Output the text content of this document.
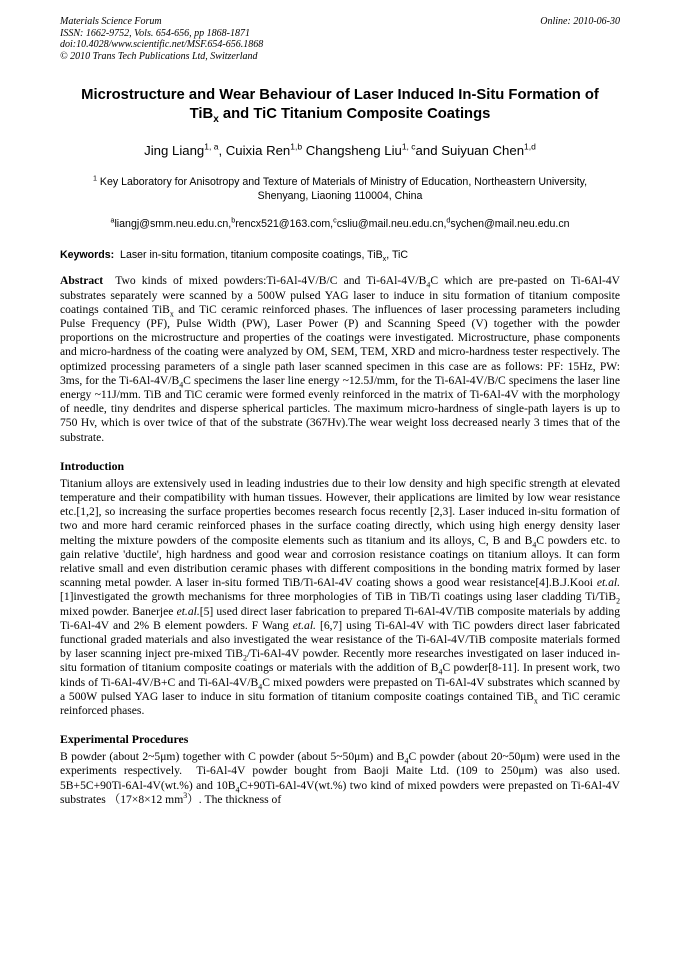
Materials Science Forum
ISSN: 1662-9752, Vols. 654-656, pp 1868-1871
doi:10.4028/www.scientific.net/MSF.654-656.1868
© 2010 Trans Tech Publications Ltd, Switzerland
Online: 2010-06-30
Microstructure and Wear Behaviour of Laser Induced In-Situ Formation of TiB$_x$ and TiC Titanium Composite Coatings
Jing Liang$^{1, a}$, Cuixia Ren$^{1,b}$ Changsheng Liu$^{1, c}$and Suiyuan Chen$^{1,d}$
$^1$ Key Laboratory for Anisotropy and Texture of Materials of Ministry of Education, Northeastern University, Shenyang, Liaoning 110004, China
$^a$liangj@smm.neu.edu.cn,$^b$rencx521@163.com,$^c$csliu@mail.neu.edu.cn,$^d$sychen@mail.neu.edu.cn
Keywords:  Laser in-situ formation, titanium composite coatings, TiB$_x$, TiC

Abstract  Two kinds of mixed powders:Ti-6Al-4V/B/C and $Ti-6Al-4V/B_4C$ which are pre-pasted on Ti-6Al-4V substrates separately were scanned by a 500W pulsed YAG laser to induce in situ formation of titanium composite coatings contained TiB$_x$ and TiC ceramic reinforced phases. The influences of laser processing parameters including Pulse Frequency (PF), Pulse Width (PW), Laser Power (P) and Scanning Speed (V) together with the powder proportions on the microstructure and properties of the coatings were investigated. Microstructure, phase components and micro-hardness of the coating were analyzed by OM, SEM, TEM, XRD and micro-hardness tester respectively. The optimized processing parameters of a single path laser scanned specimen in this case are as follows: PF: 15Hz, PW: 3ms, for the $Ti-6Al-4V/B_4C$ specimens the laser line energy ~12.5J/mm, for the Ti-6Al-4V/B/C specimens the laser line energy ~11J/mm. TiB and TiC ceramic were formed evenly reinforced in the matrix of Ti-6Al-4V with the morphology of needle, tiny dendrites and disperse spherical particles. The maximum micro-hardness of single-path layers is up to 750 Hv, which is over twice of that of the substrate (367Hv).The wear weight loss decreased nearly 3 times that of the substrate.

Introduction

Titanium alloys are extensively used in leading industries due to their low density and high specific strength at elevated temperature and their compatibility with human tissues. However, their applications are limited by low wear resistance etc.[1,2], so increasing the surface properties becomes research focus recently [2,3]. Laser induced in-situ formation of two and more hard ceramic reinforced phases in the surface coating directly, which using high energy density laser melting the mixture powders of the composite elements such as titanium and its alloys, C, B and $B_4C$ powders etc. to gain relative 'ductile', high hardness and good wear and corrosion resistance coatings on titanium alloys. It can form relative small and even distribution ceramic phases with different compositions in the bonding matrix formed by laser scanning metal powder. A laser in-situ formed TiB/Ti-6Al-4V coating shows a good wear resistance[4].B.J.Kooi et.al. [1]investigated the growth mechanisms for three morphologies of TiB in TiB/Ti coatings using laser cladding Ti/TiB$_2$ mixed powder. Banerjee et.al.[5] used direct laser fabrication to prepared Ti-6Al-4V/TiB composite materials by adding Ti-6Al-4V and 2% B element powders. F Wang et.al. [6,7] using Ti-6Al-4V with TiC powders direct laser fabricated functional graded materials and also investigated the wear resistance of the Ti-6Al-4V/TiB composite materials formed by laser scanning inject pre-mixed TiB$_2$/Ti-6Al-4V powder. Recently more researches investigated on laser induced in-situ formation of titanium composite coatings or materials with the addition of $B_4C$ powder[8-11]. In present work, two kinds of Ti-6Al-4V/B+C and $Ti-6Al-4V/B_4C$ mixed powders were prepasted on Ti-6Al-4V substrates which scanned by a 500W pulsed YAG laser to induce in situ formation of titanium composite coatings contained TiB$_x$ and TiC ceramic reinforced phases.

Experimental Procedures

B powder (about 2~5μm) together with C powder (about 5~50μm) and $B_4C$ powder (about 20~50μm) were used in the experiments respectively.  Ti-6Al-4V powder bought from Baoji Maite Ltd. (109 to 250μm) was also used. 5B+5C+90Ti-6Al-4V(wt.%) and $10B_4C+90Ti-6Al-4V(wt.\%)$ two kind of mixed powders were prepasted on Ti-6Al-4V substrates （17×8×12 $mm^3$）. The thickness of
